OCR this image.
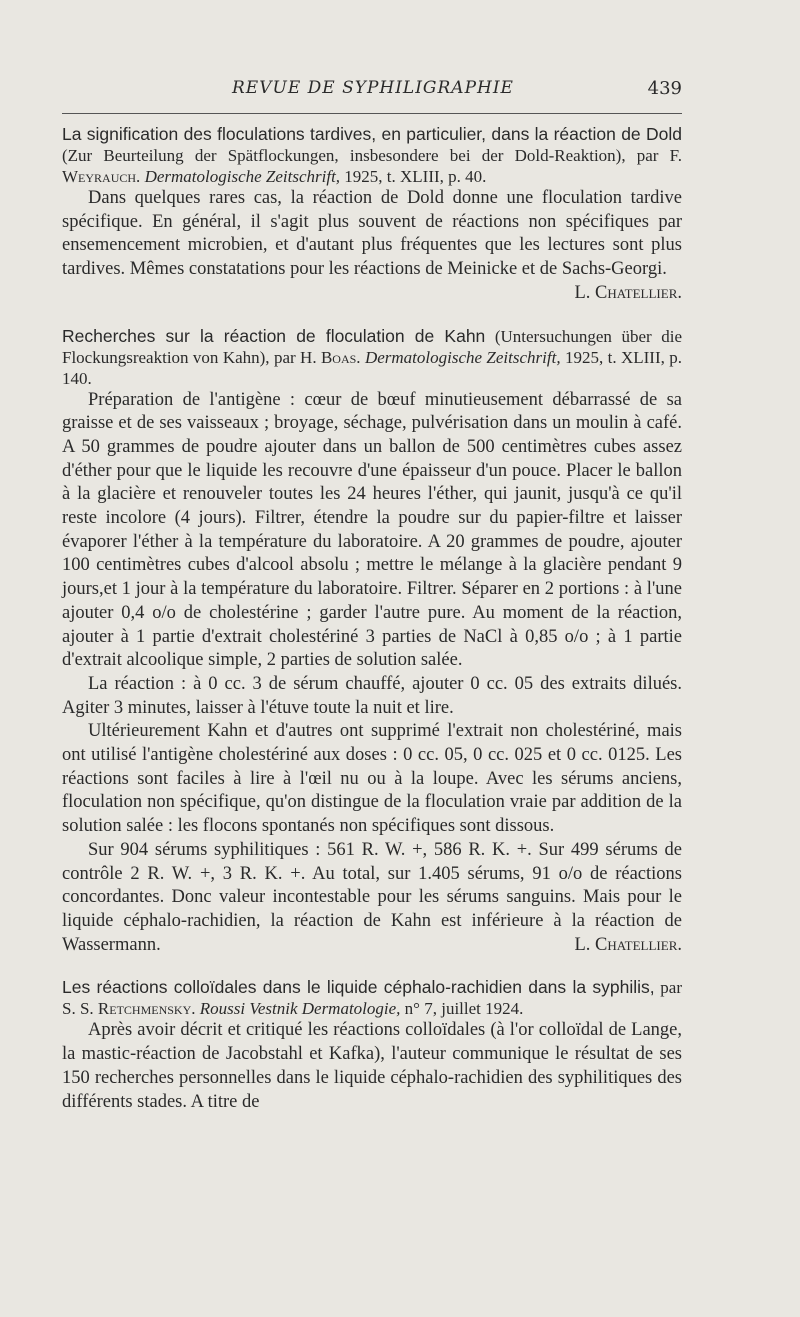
REVUE DE SYPHILIGRAPHIE	439

La signification des floculations tardives, en particulier, dans la réaction de Dold (Zur Beurteilung der Spätflockungen, insbesondere bei der Dold-Reaktion), par F. Weyrauch. Dermatologische Zeitschrift, 1925, t. XLIII, p. 40.

Dans quelques rares cas, la réaction de Dold donne une floculation tardive spécifique. En général, il s'agit plus souvent de réactions non spécifiques par ensemencement microbien, et d'autant plus fréquentes que les lectures sont plus tardives. Mêmes constatations pour les réactions de Meinicke et de Sachs-Georgi.
L. Chatellier.

Recherches sur la réaction de floculation de Kahn (Untersuchungen über die Flockungsreaktion von Kahn), par H. Boas. Dermatologische Zeitschrift, 1925, t. XLIII, p. 140.

Préparation de l'antigène : cœur de bœuf minutieusement débarrassé de sa graisse et de ses vaisseaux ; broyage, séchage, pulvérisation dans un moulin à café. A 50 grammes de poudre ajouter dans un ballon de 500 centimètres cubes assez d'éther pour que le liquide les recouvre d'une épaisseur d'un pouce. Placer le ballon à la glacière et renouveler toutes les 24 heures l'éther, qui jaunit, jusqu'à ce qu'il reste incolore (4 jours). Filtrer, étendre la poudre sur du papier-filtre et laisser évaporer l'éther à la température du laboratoire. A 20 grammes de poudre, ajouter 100 centimètres cubes d'alcool absolu ; mettre le mélange à la glacière pendant 9 jours,et 1 jour à la température du laboratoire. Filtrer. Séparer en 2 portions : à l'une ajouter 0,4 o/o de cholestérine ; garder l'autre pure. Au moment de la réaction, ajouter à 1 partie d'extrait cholestériné 3 parties de NaCl à 0,85 o/o ; à 1 partie d'extrait alcoolique simple, 2 parties de solution salée.

La réaction : à 0 cc. 3 de sérum chauffé, ajouter 0 cc. 05 des extraits dilués. Agiter 3 minutes, laisser à l'étuve toute la nuit et lire.

Ultérieurement Kahn et d'autres ont supprimé l'extrait non cholestériné, mais ont utilisé l'antigène cholestériné aux doses : 0 cc. 05, 0 cc. 025 et 0 cc. 0125. Les réactions sont faciles à lire à l'œil nu ou à la loupe. Avec les sérums anciens, floculation non spécifique, qu'on distingue de la floculation vraie par addition de la solution salée : les flocons spontanés non spécifiques sont dissous.

Sur 904 sérums syphilitiques : 561 R. W. +, 586 R. K. +. Sur 499 sérums de contrôle 2 R. W. +, 3 R. K. +. Au total, sur 1.405 sérums, 91 o/o de réactions concordantes. Donc valeur incontestable pour les sérums sanguins. Mais pour le liquide céphalo-rachidien, la réaction de Kahn est inférieure à la réaction de Wassermann.	L. Chatellier.

Les réactions colloïdales dans le liquide céphalo-rachidien dans la syphilis, par S. S. Retchmensky. Roussi Vestnik Dermatologie, n° 7, juillet 1924.

Après avoir décrit et critiqué les réactions colloïdales (à l'or colloïdal de Lange, la mastic-réaction de Jacobstahl et Kafka), l'auteur communique le résultat de ses 150 recherches personnelles dans le liquide céphalo-rachidien des syphilitiques des différents stades. A titre de
